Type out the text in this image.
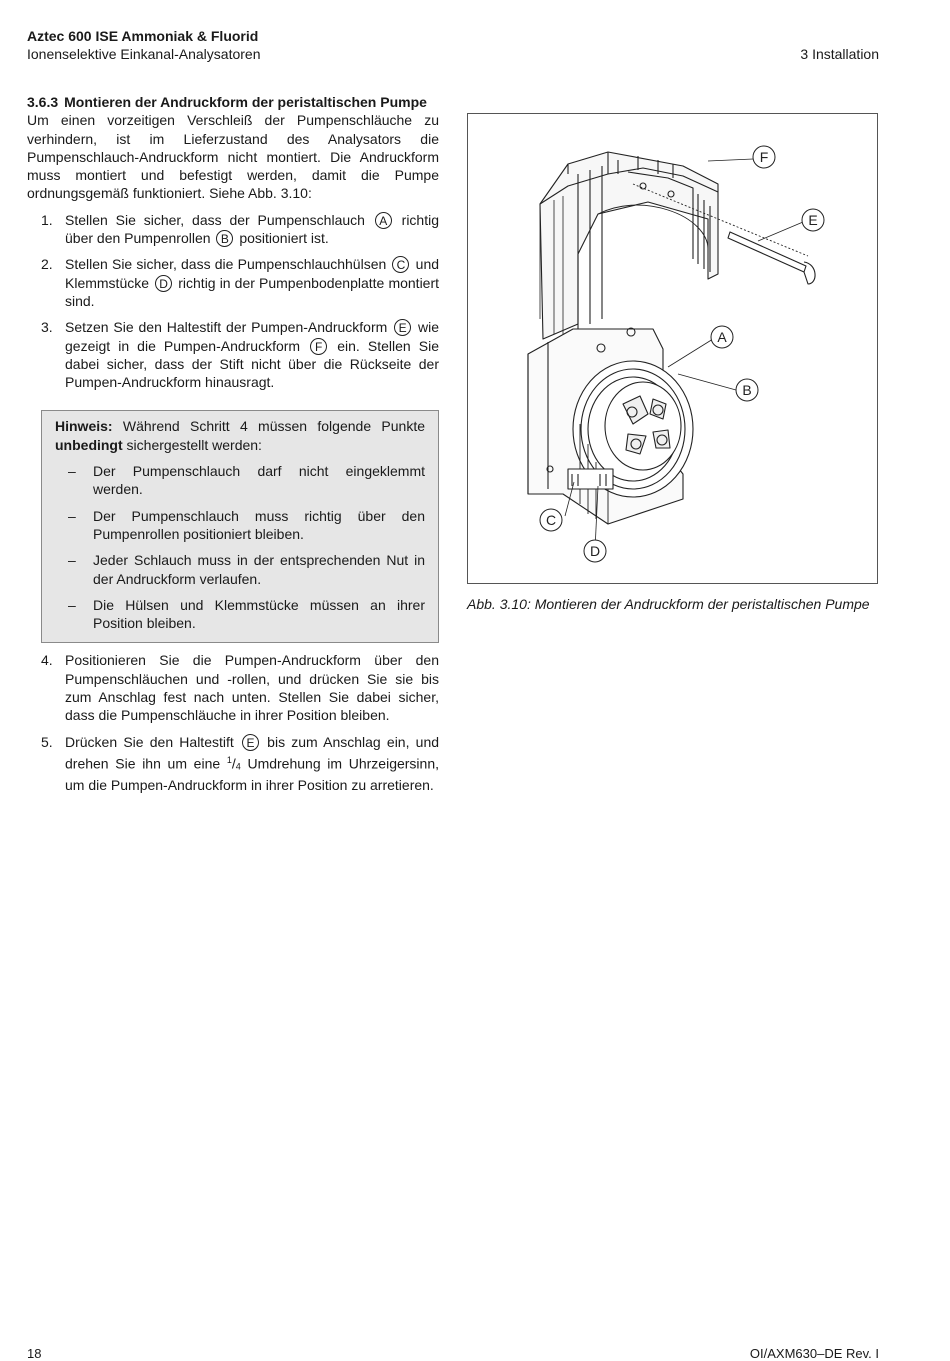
Aztec 600 ISE Ammoniak & Fluorid
Ionenselektive Einkanal-Analysatoren	3 Installation
3.6.3 Montieren der Andruckform der peristaltischen Pumpe

Um einen vorzeitigen Verschleiß der Pumpenschläuche zu verhindern, ist im Lieferzustand des Analysators die Pumpenschlauch-Andruckform nicht montiert. Die Andruckform muss montiert und befestigt werden, damit die Pumpe ordnungsgemäß funktioniert. Siehe Abb. 3.10:

1. Stellen Sie sicher, dass der Pumpenschlauch A richtig über den Pumpenrollen B positioniert ist.
2. Stellen Sie sicher, dass die Pumpenschlauchhülsen C und Klemmstücke D richtig in der Pumpenbodenplatte montiert sind.
3. Setzen Sie den Haltestift der Pumpen-Andruckform E wie gezeigt in die Pumpen-Andruckform F ein. Stellen Sie dabei sicher, dass der Stift nicht über die Rückseite der Pumpen-Andruckform hinausragt.

Hinweis: Während Schritt 4 müssen folgende Punkte unbedingt sichergestellt werden:

– Der Pumpenschlauch darf nicht eingeklemmt werden.
– Der Pumpenschlauch muss richtig über den Pumpenrollen positioniert bleiben.
– Jeder Schlauch muss in der entsprechenden Nut in der Andruckform verlaufen.
– Die Hülsen und Klemmstücke müssen an ihrer Position bleiben.
4. Positionieren Sie die Pumpen-Andruckform über den Pumpenschläuchen und -rollen, und drücken Sie sie bis zum Anschlag fest nach unten. Stellen Sie dabei sicher, dass die Pumpenschläuche in ihrer Position bleiben.
5. Drücken Sie den Haltestift E bis zum Anschlag ein, und drehen Sie ihn um eine $^1/_4$ Umdrehung im Uhrzeigersinn, um die Pumpen-Andruckform in ihrer Position zu arretieren.
F
E
A
B
C
D
Abb. 3.10: Montieren der Andruckform der peristaltischen Pumpe
18	OI/AXM630–DE Rev. I
